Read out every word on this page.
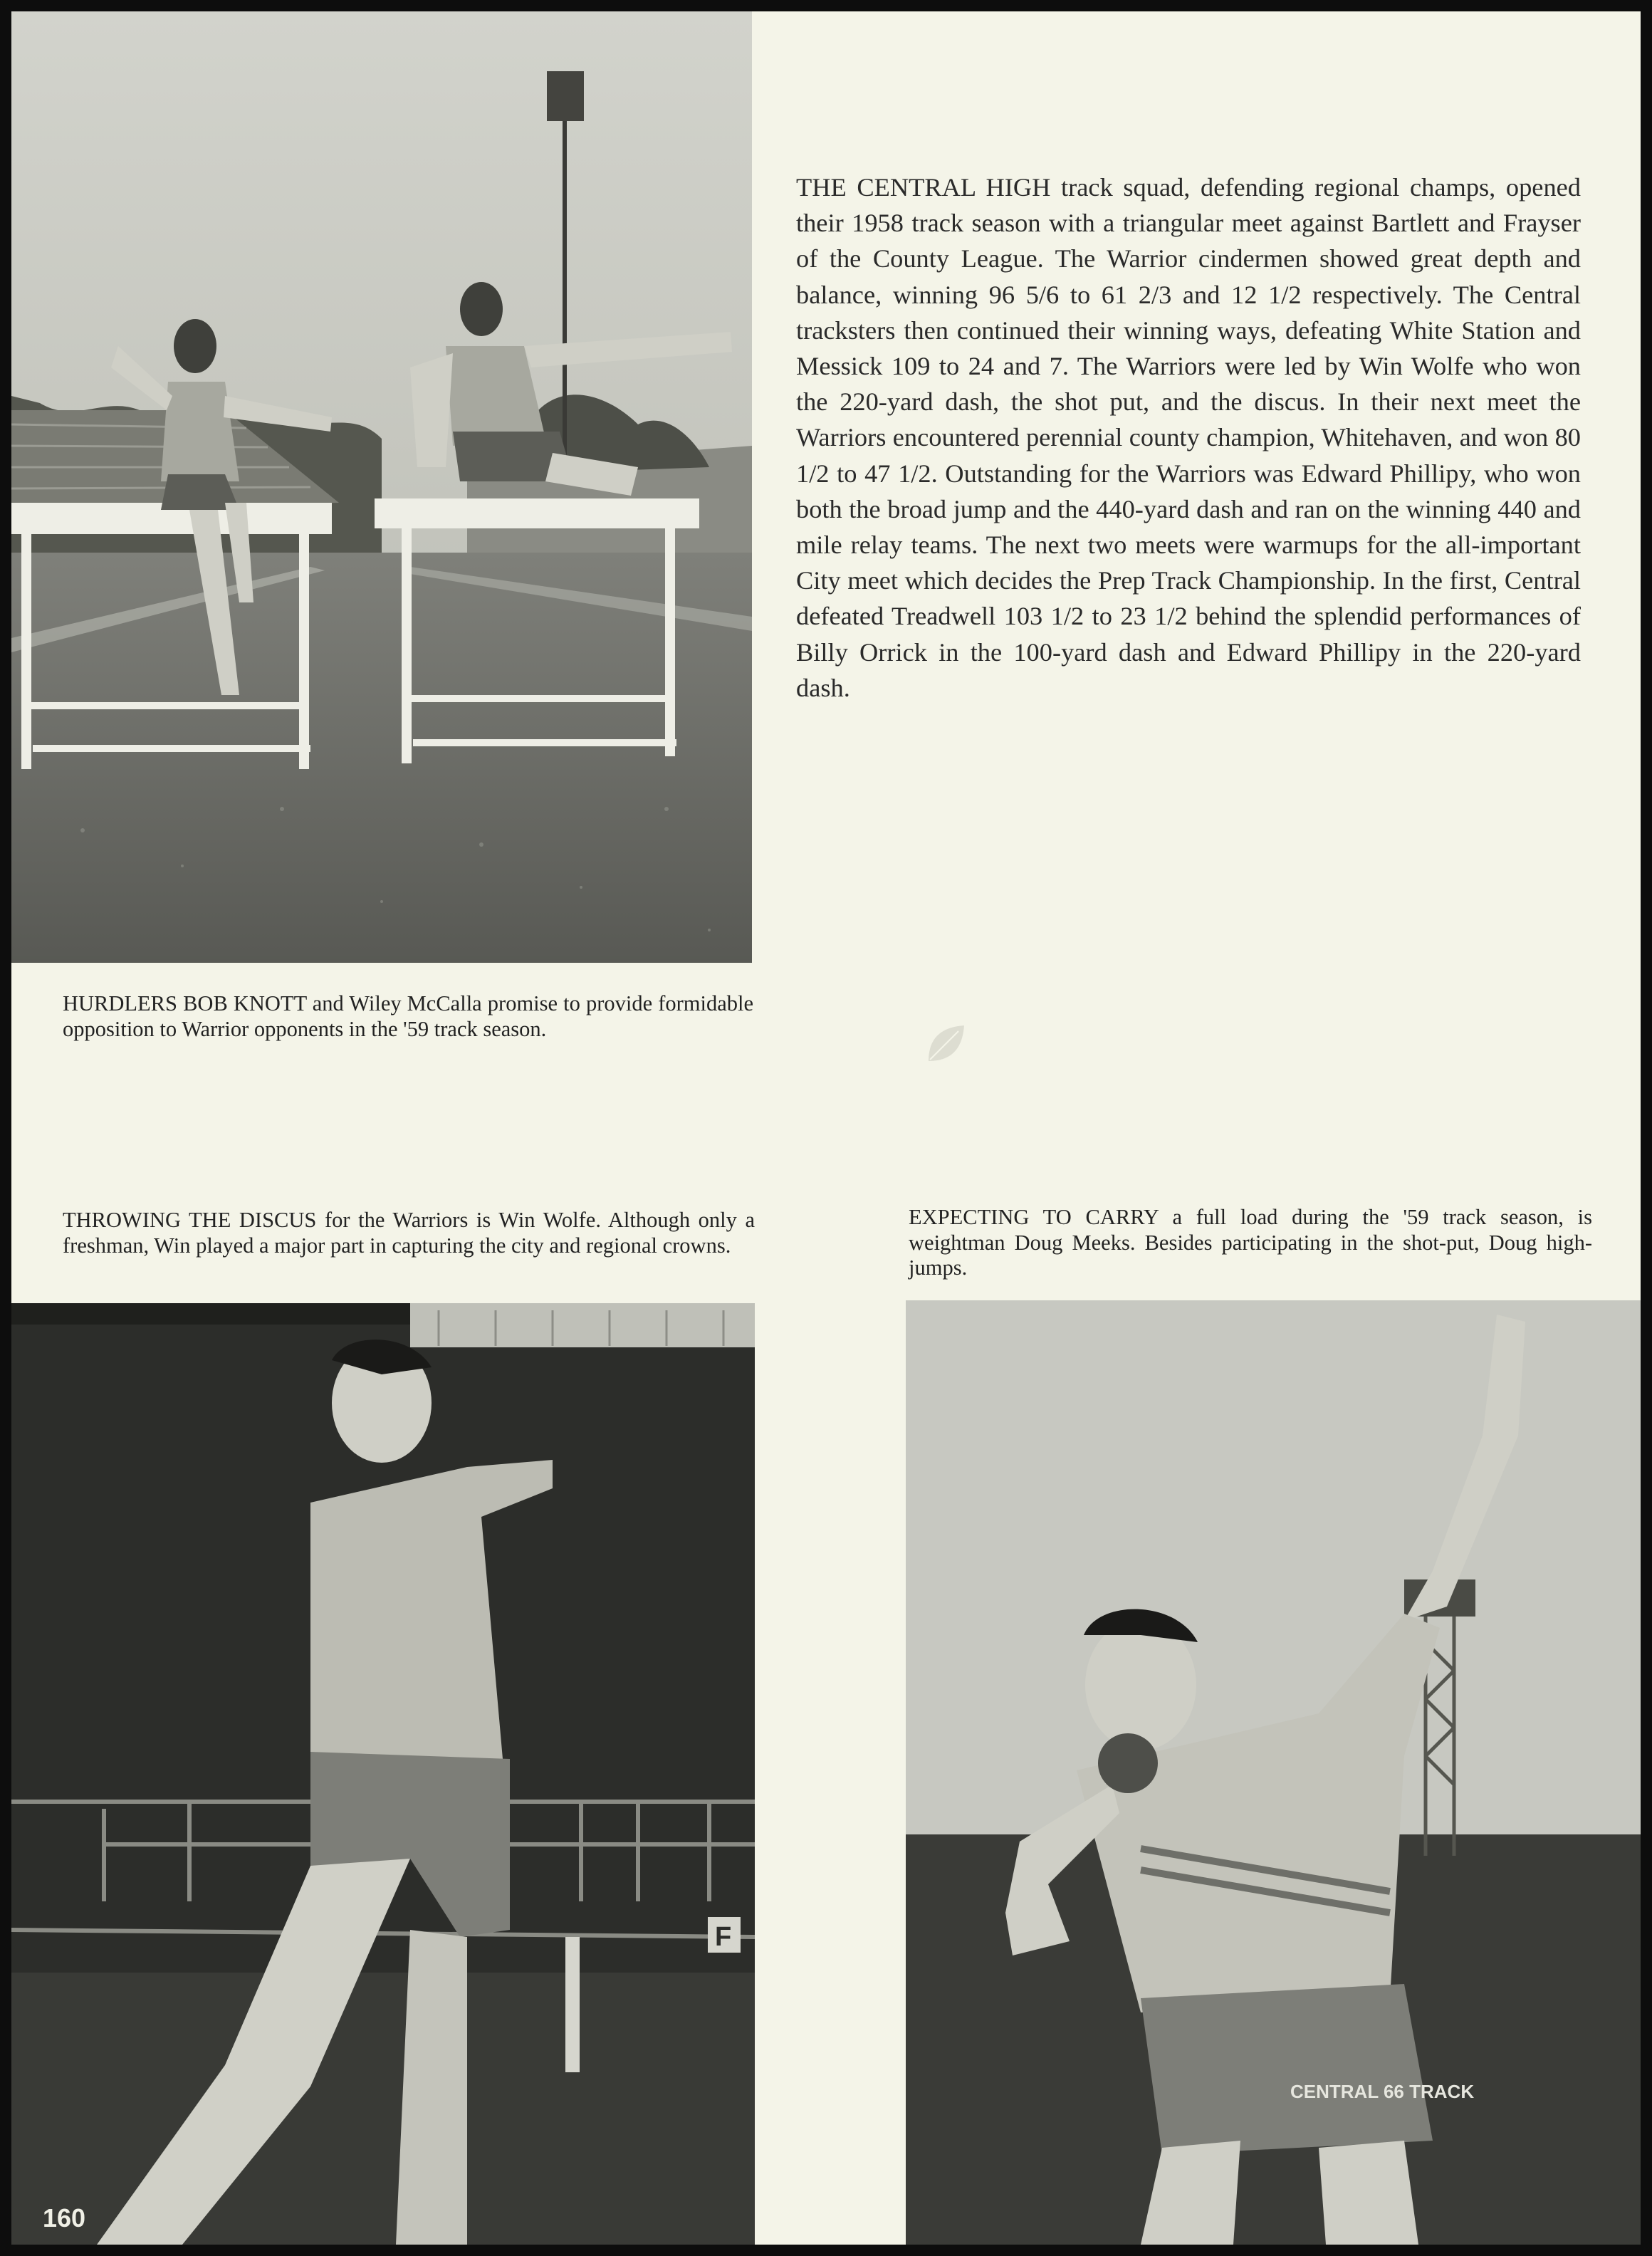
THE CENTRAL HIGH track squad, defending regional champs, opened their 1958 track season with a triangular meet against Bartlett and Frayser of the County League. The Warrior cindermen showed great depth and balance, winning 96 5/6 to 61 2/3 and 12 1/2 respectively. The Central tracksters then continued their winning ways, defeating White Station and Messick 109 to 24 and 7. The Warriors were led by Win Wolfe who won the 220-yard dash, the shot put, and the discus. In their next meet the Warriors encountered perennial county champion, Whitehaven, and won 80 1/2 to 47 1/2. Outstanding for the Warriors was Edward Phillipy, who won both the broad jump and the 440-yard dash and ran on the winning 440 and mile relay teams. The next two meets were warmups for the all-important City meet which decides the Prep Track Championship. In the first, Central defeated Treadwell 103 1/2 to 23 1/2 behind the splendid performances of Billy Orrick in the 100-yard dash and Edward Phillipy in the 220-yard dash.

HURDLERS BOB KNOTT and Wiley McCalla promise to provide formidable opposition to Warrior opponents in the '59 track season.

THROWING THE DISCUS for the Warriors is Win Wolfe. Although only a freshman, Win played a major part in capturing the city and regional crowns.

EXPECTING TO CARRY a full load during the '59 track season, is weightman Doug Meeks. Besides participating in the shot-put, Doug high-jumps.

F
CENTRAL 66 TRACK

160
